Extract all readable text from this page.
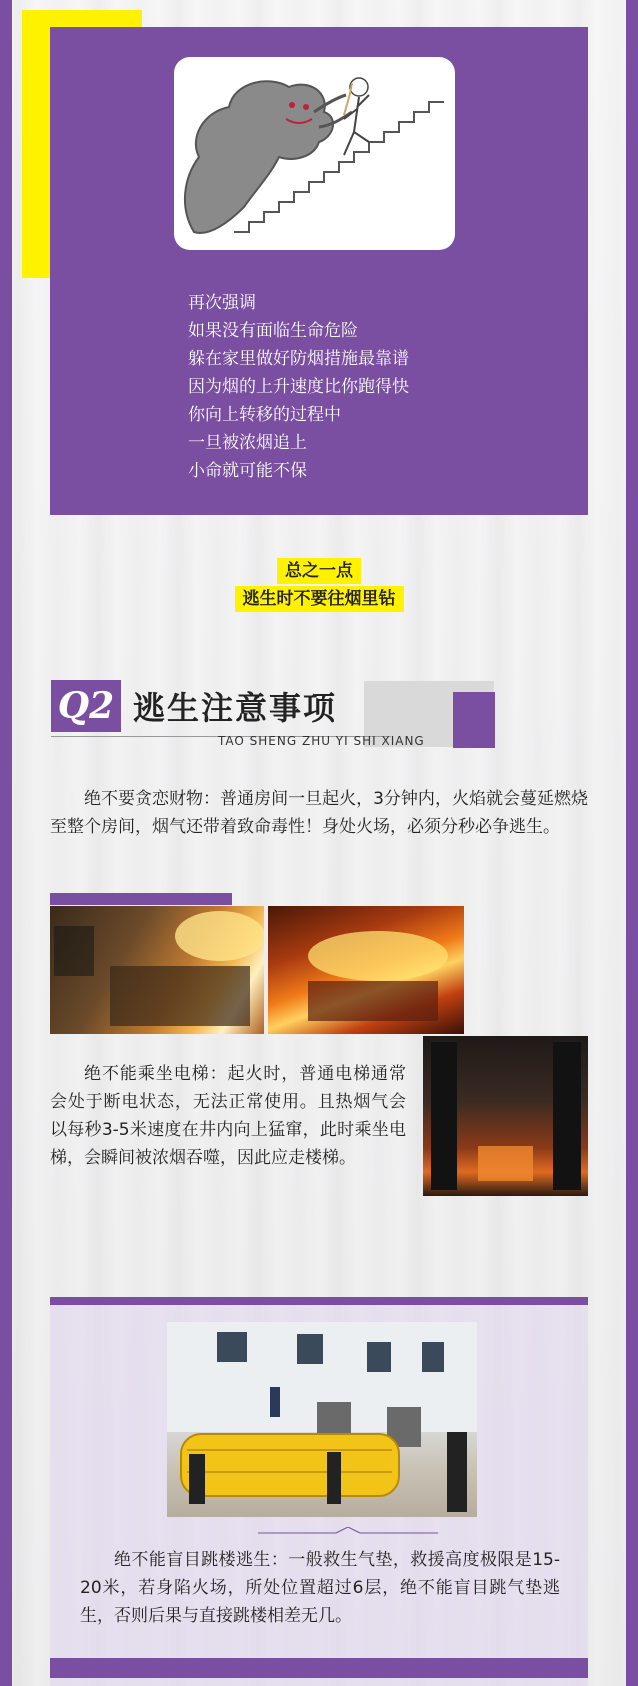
再次强调
如果没有面临生命危险
躲在家里做好防烟措施最靠谱
因为烟的上升速度比你跑得快
你向上转移的过程中
一旦被浓烟追上
小命就可能不保
总之一点
逃生时不要往烟里钻
Q2 逃生注意事项
TAO SHENG ZHU YI SHI XIANG
绝不要贪恋财物：普通房间一旦起火，3分钟内，火焰就会蔓延燃烧至整个房间，烟气还带着致命毒性！身处火场，必须分秒必争逃生。
绝不能乘坐电梯：起火时，普通电梯通常会处于断电状态，无法正常使用。且热烟气会以每秒3-5米速度在井内向上猛窜，此时乘坐电梯，会瞬间被浓烟吞噬，因此应走楼梯。
绝不能盲目跳楼逃生：一般救生气垫，救援高度极限是15-20米，若身陷火场，所处位置超过6层，绝不能盲目跳气垫逃生，否则后果与直接跳楼相差无几。
